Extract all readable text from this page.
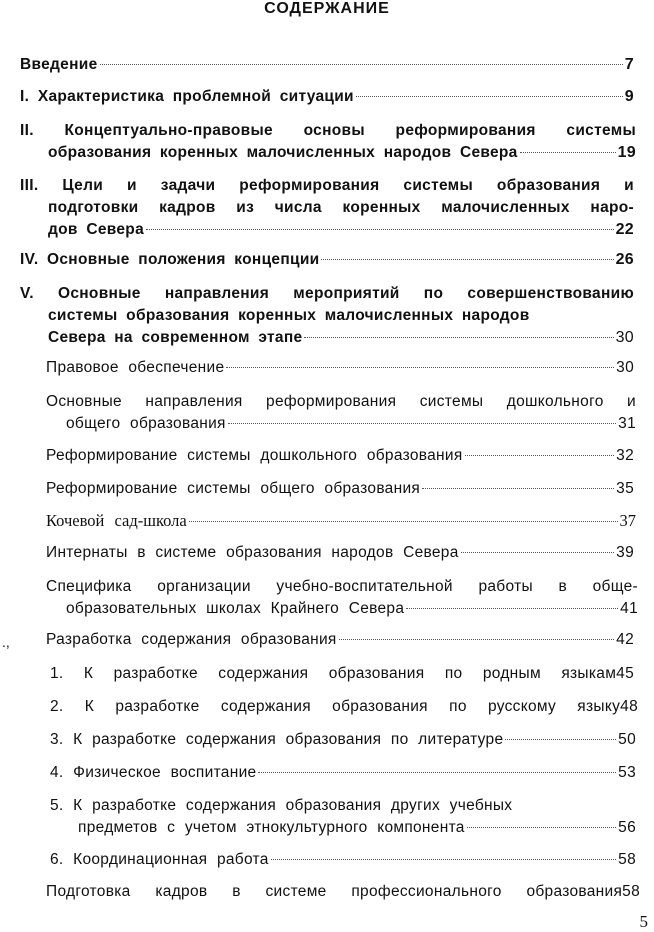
СОДЕРЖАНИЕ
Введение	7
I. Характеристика проблемной ситуации	9
II. Концептуально-правовые основы реформирования системы
образования коренных малочисленных народов Севера	19
III. Цели и задачи реформирования системы образования и
подготовки кадров из числа коренных малочисленных наро-
дов Севера	22
IV. Основные положения концепции	26
V. Основные направления мероприятий по совершенствованию
системы образования коренных малочисленных народов
Севера на современном этапе	30
Правовое обеспечение	30
Основные направления реформирования системы дошкольного и
общего образования	31
Реформирование системы дошкольного образования	32
Реформирование системы общего образования	35
Кочевой сад-школа	37
Интернаты в системе образования народов Севера	39
Специфика организации учебно-воспитательной работы в обще-
образовательных школах Крайнего Севера	41
Разработка содержания образования	42
1. К разработке содержания образования по родным языкам 45
2. К разработке содержания образования по русскому языку 48
3. К разработке содержания образования по литературе	50
4. Физическое воспитание	53
5. К разработке содержания образования других учебных
предметов с учетом этнокультурного компонента	56
6. Координационная работа	58
Подготовка кадров в системе профессионального образования 58
.,
5
